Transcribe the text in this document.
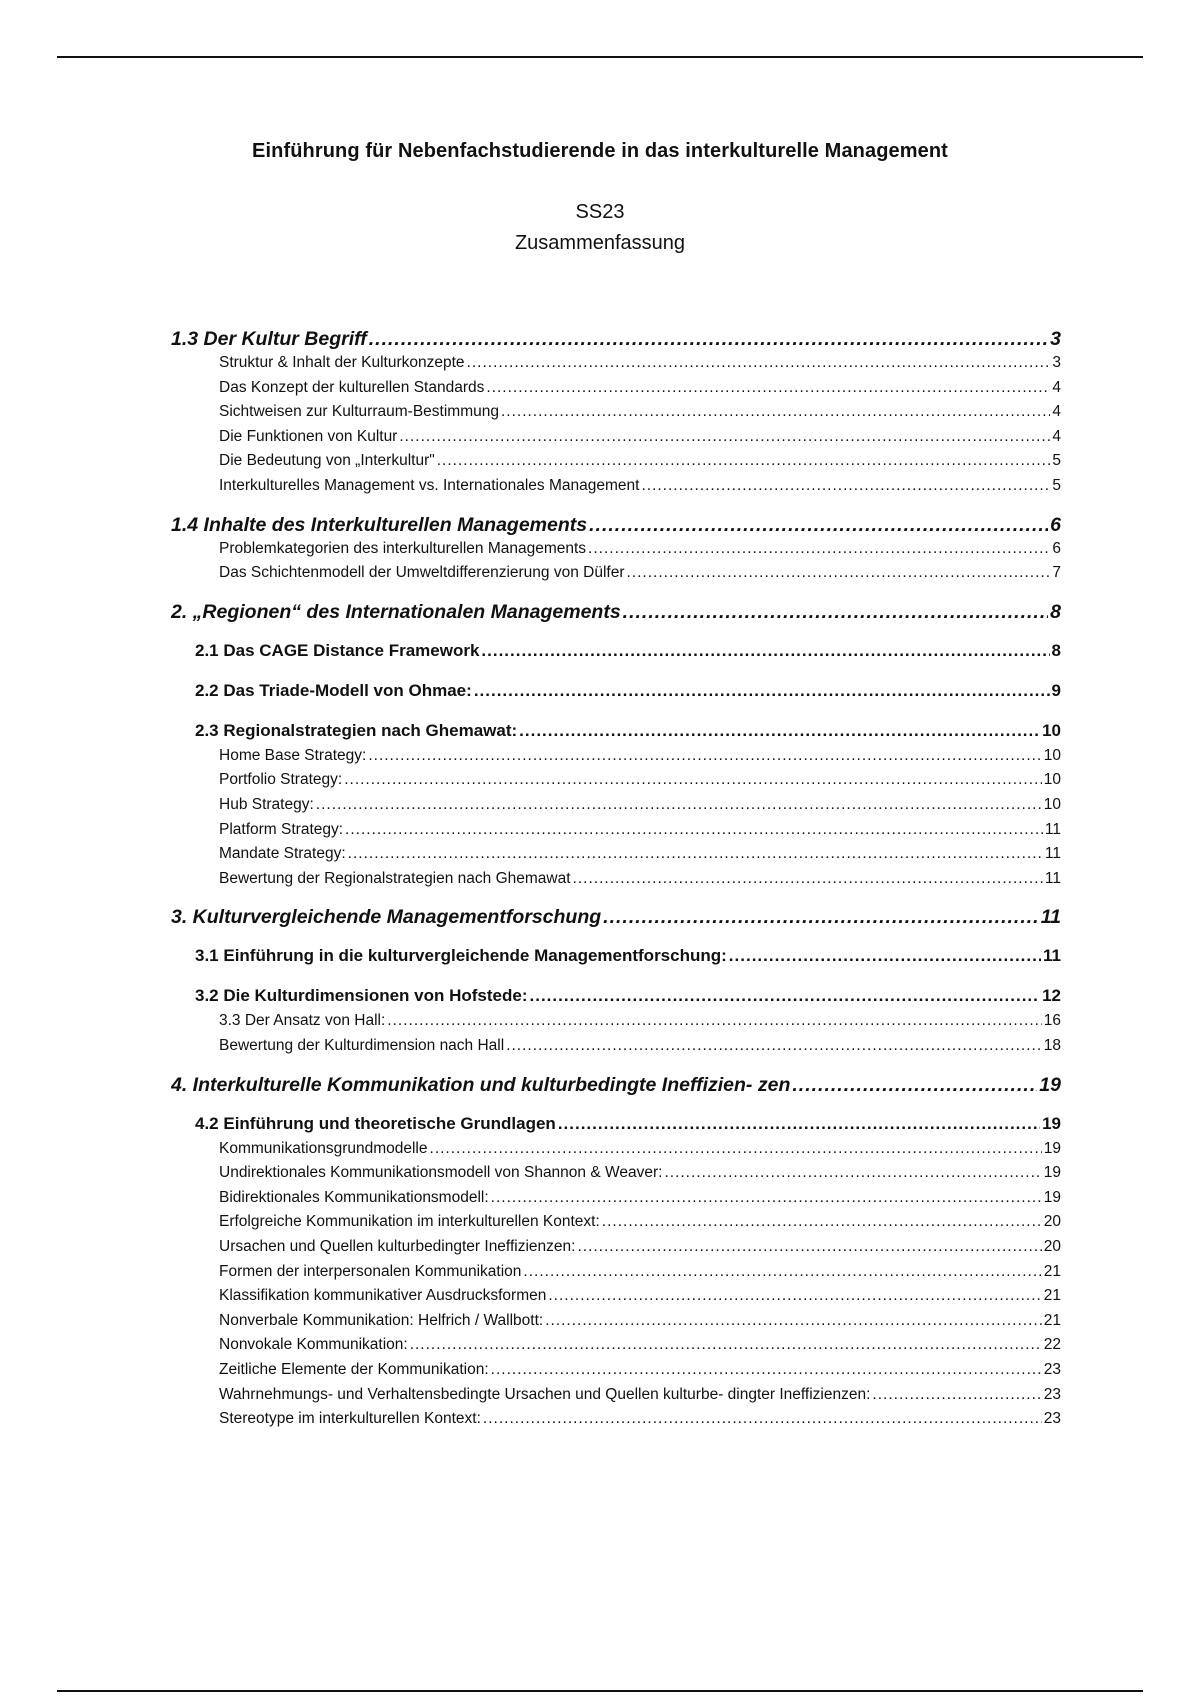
Einführung für Nebenfachstudierende in das interkulturelle Management
SS23
Zusammenfassung
1.3 Der Kultur Begriff .....	3
Struktur & Inhalt der Kulturkonzepte .....	3
Das Konzept der kulturellen Standards .....	4
Sichtweisen zur Kulturraum-Bestimmung .....	4
Die Funktionen von Kultur .....	4
Die Bedeutung von „Interkultur" .....	5
Interkulturelles Management vs. Internationales Management .....	5
1.4 Inhalte des Interkulturellen Managements .....	6
Problemkategorien des interkulturellen Managements .....	6
Das Schichtenmodell der Umweltdifferenzierung von Dülfer .....	7
2. „Regionen“ des Internationalen Managements .....	8
2.1 Das CAGE Distance Framework .....	8
2.2 Das Triade-Modell von Ohmae: .....	9
2.3 Regionalstrategien nach Ghemawat: .....	10
Home Base Strategy: .....	10
Portfolio Strategy: .....	10
Hub Strategy: .....	10
Platform Strategy: .....	11
Mandate Strategy: .....	11
Bewertung der Regionalstrategien nach Ghemawat .....	11
3. Kulturvergleichende Managementforschung .....	11
3.1 Einführung in die kulturvergleichende Managementforschung: .....	11
3.2 Die Kulturdimensionen von Hofstede: .....	12
3.3 Der Ansatz von Hall: .....	16
Bewertung der Kulturdimension nach Hall .....	18
4. Interkulturelle Kommunikation und kulturbedingte Ineffizien- zen .....	19
4.2 Einführung und theoretische Grundlagen .....	19
Kommunikationsgrundmodelle .....	19
Undirektionales Kommunikationsmodell von Shannon & Weaver: .....	19
Bidirektionales Kommunikationsmodell: .....	19
Erfolgreiche Kommunikation im interkulturellen Kontext: .....	20
Ursachen und Quellen kulturbedingter Ineffizienzen: .....	20
Formen der interpersonalen Kommunikation .....	21
Klassifikation kommunikativer Ausdrucksformen .....	21
Nonverbale Kommunikation: Helfrich / Wallbott: .....	21
Nonvokale Kommunikation: .....	22
Zeitliche Elemente der Kommunikation: .....	23
Wahrnehmungs- und Verhaltensbedingte Ursachen und Quellen kulturbe- dingter Ineffizienzen: .....	23
Stereotype im interkulturellen Kontext: .....	23
